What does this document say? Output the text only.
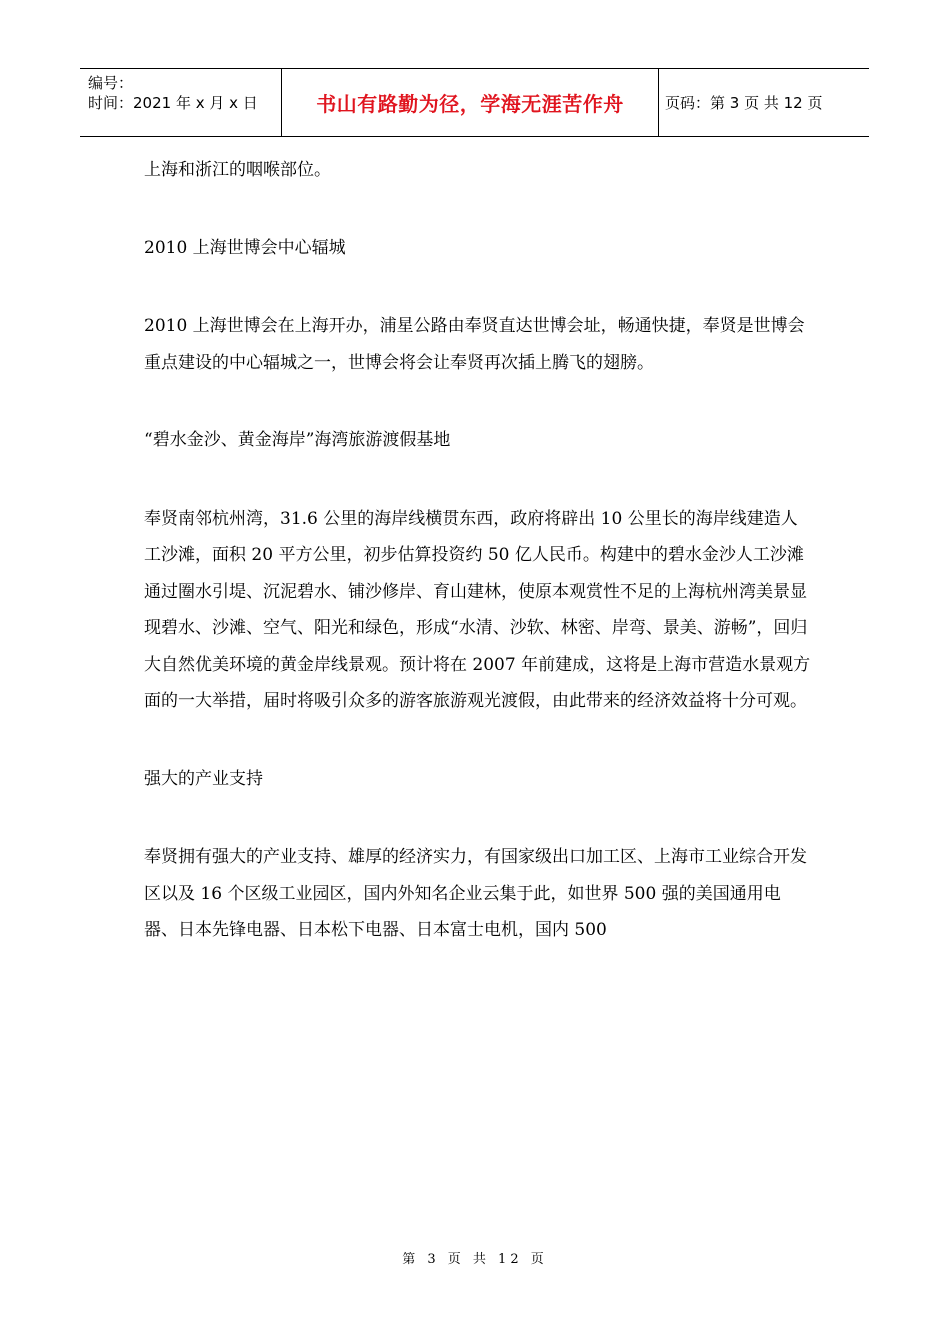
编号：
时间：2021 年 x 月 x 日	书山有路勤为径，学海无涯苦作舟	页码：第 3 页 共 12 页

上海和浙江的咽喉部位。

2010 上海世博会中心辐城

2010 上海世博会在上海开办，浦星公路由奉贤直达世博会址，畅通快捷，奉贤是世博会重点建设的中心辐城之一，世博会将会让奉贤再次插上腾飞的翅膀。

“碧水金沙、黄金海岸”海湾旅游渡假基地

奉贤南邻杭州湾，31.6 公里的海岸线横贯东西，政府将辟出 10 公里长的海岸线建造人工沙滩，面积 20 平方公里，初步估算投资约 50 亿人民币。构建中的碧水金沙人工沙滩通过圈水引堤、沉泥碧水、铺沙修岸、育山建林，使原本观赏性不足的上海杭州湾美景显现碧水、沙滩、空气、阳光和绿色，形成“水清、沙软、林密、岸弯、景美、游畅”，回归大自然优美环境的黄金岸线景观。预计将在 2007 年前建成，这将是上海市营造水景观方面的一大举措，届时将吸引众多的游客旅游观光渡假，由此带来的经济效益将十分可观。

强大的产业支持

奉贤拥有强大的产业支持、雄厚的经济实力，有国家级出口加工区、上海市工业综合开发区以及 16 个区级工业园区，国内外知名企业云集于此，如世界 500 强的美国通用电器、日本先锋电器、日本松下电器、日本富士电机，国内 500

第 3 页 共 12 页
